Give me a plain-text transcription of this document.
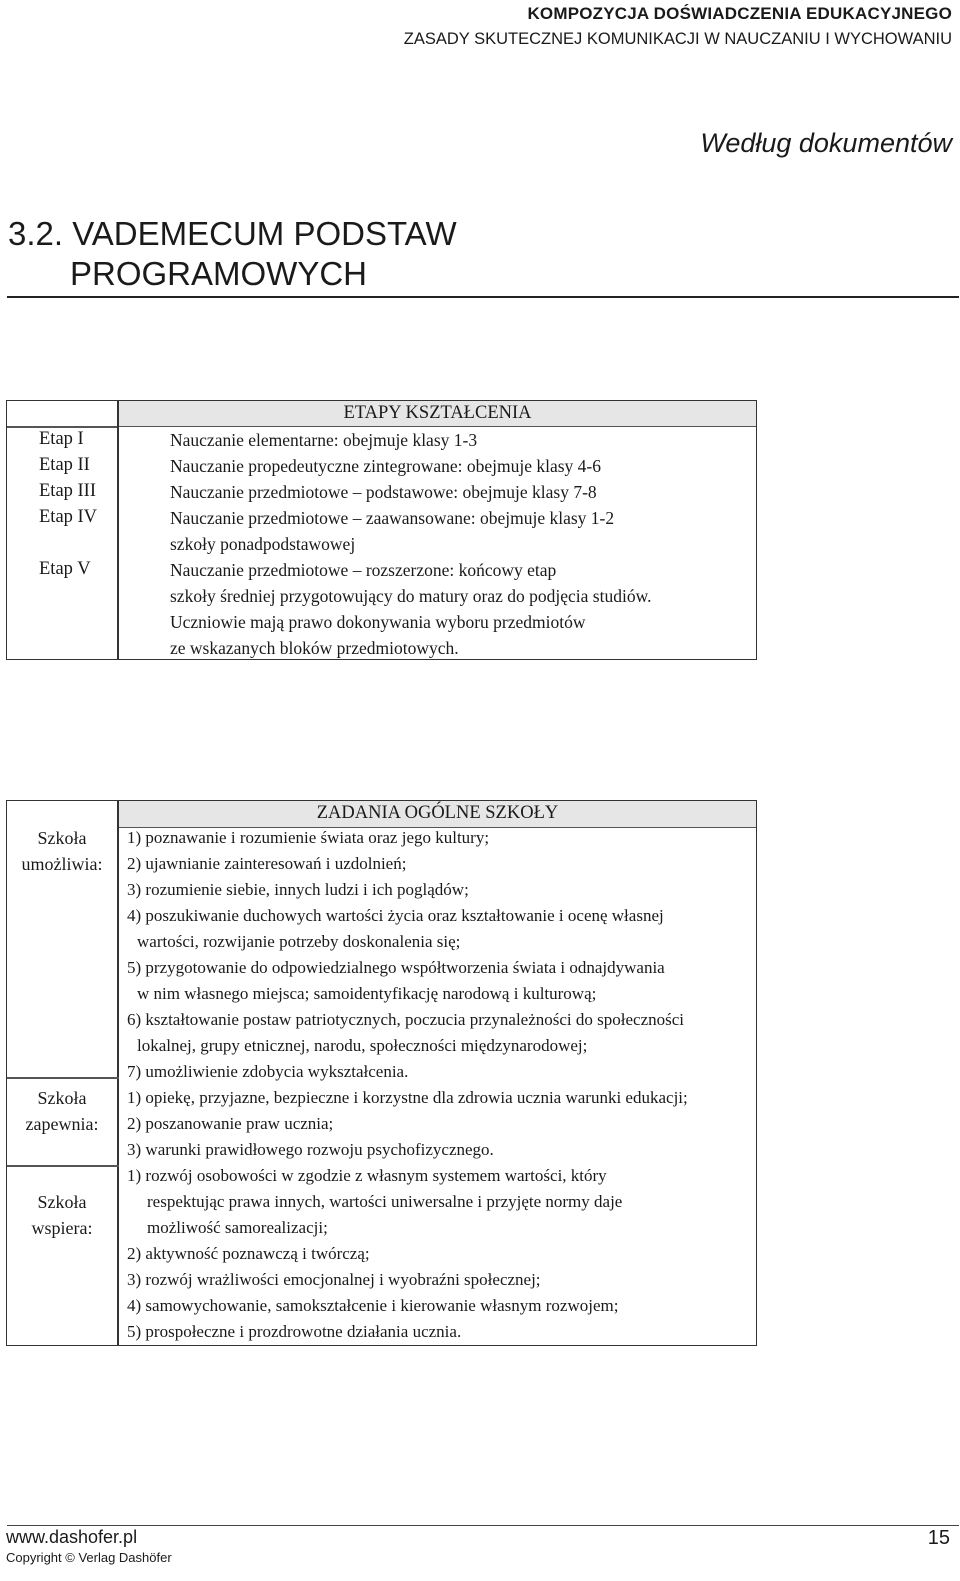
KOMPOZYCJA DOŚWIADCZENIA EDUKACYJNEGO
ZASADY SKUTECZNEJ KOMUNIKACJI W NAUCZANIU I WYCHOWANIU
Według dokumentów
3.2. VADEMECUM PODSTAW
PROGRAMOWYCH
ETAPY KSZTAŁCENIA
Etap I	Nauczanie elementarne: obejmuje klasy 1-3
Etap II	Nauczanie propedeutyczne zintegrowane: obejmuje klasy 4-6
Etap III	Nauczanie przedmiotowe – podstawowe: obejmuje klasy 7-8
Etap IV	Nauczanie przedmiotowe – zaawansowane: obejmuje klasy 1-2
szkoły ponadpodstawowej
Etap V	Nauczanie przedmiotowe – rozszerzone: końcowy etap
szkoły średniej przygotowujący do matury oraz do podjęcia studiów.
Uczniowie mają prawo dokonywania wyboru przedmiotów
ze wskazanych bloków przedmiotowych.
ZADANIA OGÓLNE SZKOŁY
Szkoła
umożliwia:
1) poznawanie i rozumienie świata oraz jego kultury;
2) ujawnianie zainteresowań i uzdolnień;
3) rozumienie siebie, innych ludzi i ich poglądów;
4) poszukiwanie duchowych wartości życia oraz kształtowanie i ocenę własnej
wartości, rozwijanie potrzeby doskonalenia się;
5) przygotowanie do odpowiedzialnego współtworzenia świata i odnajdywania
w nim własnego miejsca; samoidentyfikację narodową i kulturową;
6) kształtowanie postaw patriotycznych, poczucia przynależności do społeczności
lokalnej, grupy etnicznej, narodu, społeczności międzynarodowej;
7) umożliwienie zdobycia wykształcenia.
Szkoła
zapewnia:
1) opiekę, przyjazne, bezpieczne i korzystne dla zdrowia ucznia warunki edukacji;
2) poszanowanie praw ucznia;
3) warunki prawidłowego rozwoju psychofizycznego.
Szkoła
wspiera:
1) rozwój osobowości w zgodzie z własnym systemem wartości, który
respektując prawa innych, wartości uniwersalne i przyjęte normy daje
możliwość samorealizacji;
2) aktywność poznawczą i twórczą;
3) rozwój wrażliwości emocjonalnej i wyobraźni społecznej;
4) samowychowanie, samokształcenie i kierowanie własnym rozwojem;
5) prospołeczne i prozdrowotne działania ucznia.
www.dashofer.pl
Copyright © Verlag Dashöfer
15
